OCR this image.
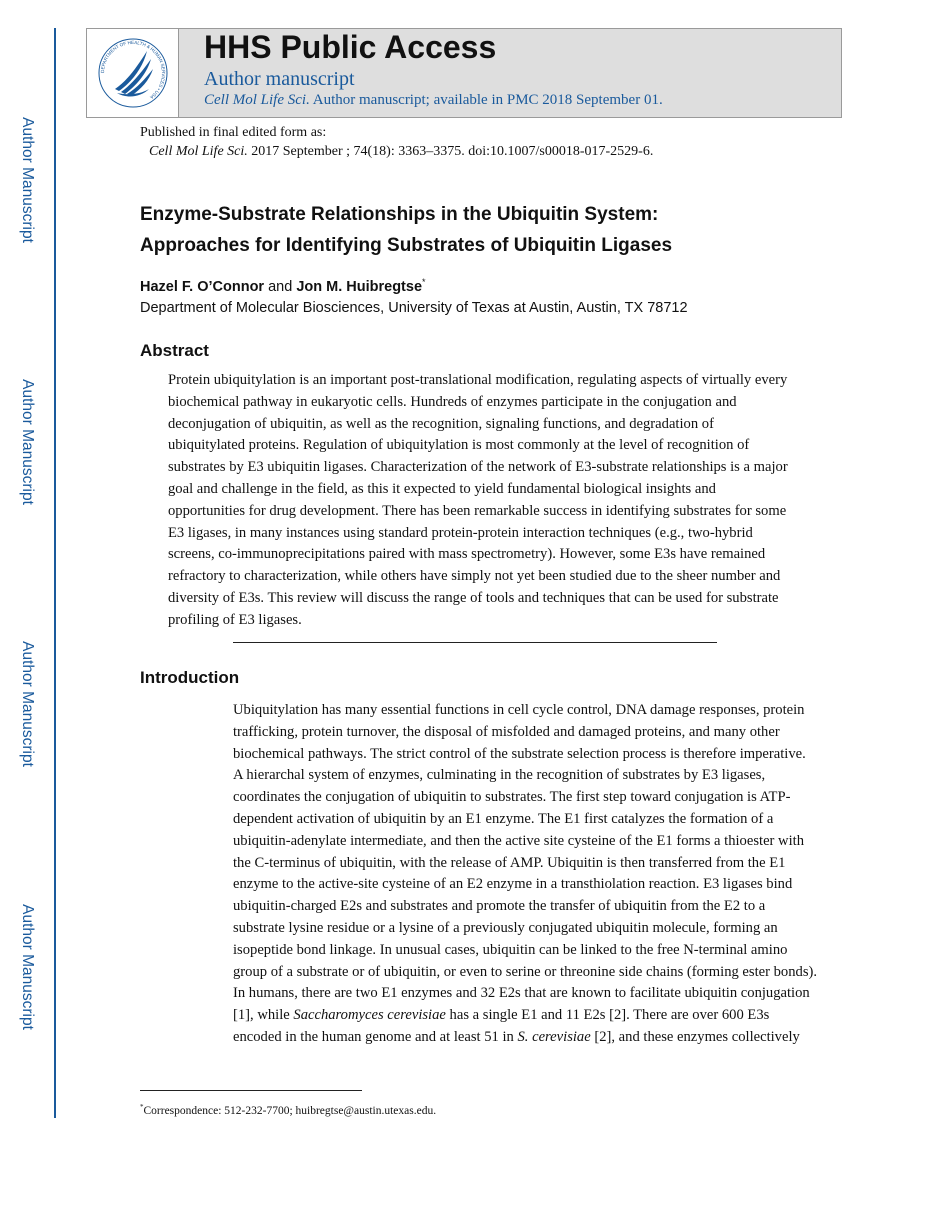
Author Manuscript
Author Manuscript
Author Manuscript
Author Manuscript
DEPARTMENT OF HEALTH & HUMAN SERVICES • USA
HHS Public Access
Author manuscript
Cell Mol Life Sci. Author manuscript; available in PMC 2018 September 01.
Published in final edited form as:
Cell Mol Life Sci. 2017 September ; 74(18): 3363–3375. doi:10.1007/s00018-017-2529-6.
Enzyme-Substrate Relationships in the Ubiquitin System:
Approaches for Identifying Substrates of Ubiquitin Ligases
Hazel F. O’Connor and Jon M. Huibregtse*
Department of Molecular Biosciences, University of Texas at Austin, Austin, TX 78712
Abstract
Protein ubiquitylation is an important post-translational modification, regulating aspects of virtually every biochemical pathway in eukaryotic cells. Hundreds of enzymes participate in the conjugation and deconjugation of ubiquitin, as well as the recognition, signaling functions, and degradation of ubiquitylated proteins. Regulation of ubiquitylation is most commonly at the level of recognition of substrates by E3 ubiquitin ligases. Characterization of the network of E3-substrate relationships is a major goal and challenge in the field, as this it expected to yield fundamental biological insights and opportunities for drug development. There has been remarkable success in identifying substrates for some E3 ligases, in many instances using standard protein-protein interaction techniques (e.g., two-hybrid screens, co-immunoprecipitations paired with mass spectrometry). However, some E3s have remained refractory to characterization, while others have simply not yet been studied due to the sheer number and diversity of E3s. This review will discuss the range of tools and techniques that can be used for substrate profiling of E3 ligases.
Introduction
Ubiquitylation has many essential functions in cell cycle control, DNA damage responses, protein trafficking, protein turnover, the disposal of misfolded and damaged proteins, and many other biochemical pathways. The strict control of the substrate selection process is therefore imperative. A hierarchal system of enzymes, culminating in the recognition of substrates by E3 ligases, coordinates the conjugation of ubiquitin to substrates. The first step toward conjugation is ATP-dependent activation of ubiquitin by an E1 enzyme. The E1 first catalyzes the formation of a ubiquitin-adenylate intermediate, and then the active site cysteine of the E1 forms a thioester with the C-terminus of ubiquitin, with the release of AMP. Ubiquitin is then transferred from the E1 enzyme to the active-site cysteine of an E2 enzyme in a transthiolation reaction. E3 ligases bind ubiquitin-charged E2s and substrates and promote the transfer of ubiquitin from the E2 to a substrate lysine residue or a lysine of a previously conjugated ubiquitin molecule, forming an isopeptide bond linkage. In unusual cases, ubiquitin can be linked to the free N-terminal amino group of a substrate or of ubiquitin, or even to serine or threonine side chains (forming ester bonds). In humans, there are two E1 enzymes and 32 E2s that are known to facilitate ubiquitin conjugation [1], while Saccharomyces cerevisiae has a single E1 and 11 E2s [2]. There are over 600 E3s encoded in the human genome and at least 51 in S. cerevisiae [2], and these enzymes collectively
*Correspondence: 512-232-7700; huibregtse@austin.utexas.edu.
